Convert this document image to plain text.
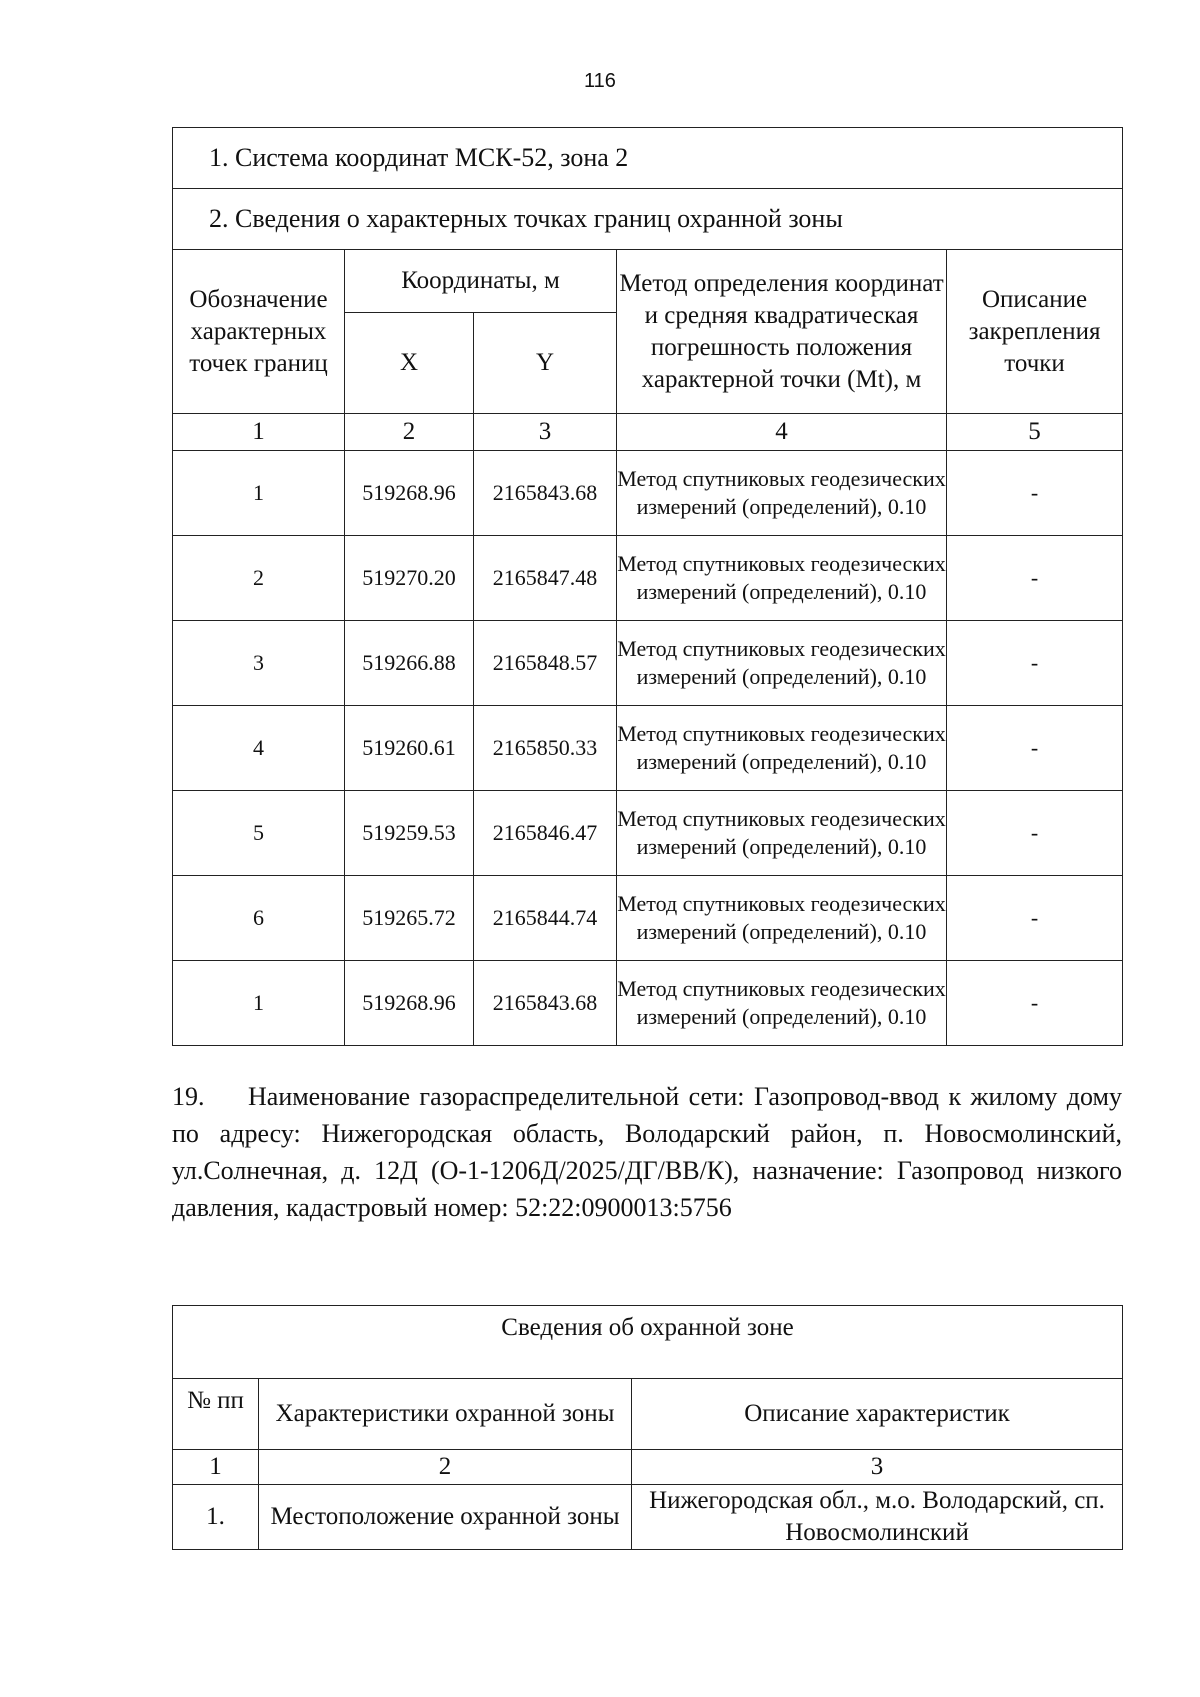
116
1. Система координат МСК-52, зона 2				
2. Сведения о характерных точках границ охранной зоны				
Обозначение характерных точек границ	Координаты, м		Метод определения координат и средняя квадратическая погрешность положения характерной точки (Mt), м	Описание закрепления точки
	X	Y		
1	2	3	4	5
1	519268.96	2165843.68	Метод спутниковых геодезических измерений (определений), 0.10	-
2	519270.20	2165847.48	Метод спутниковых геодезических измерений (определений), 0.10	-
3	519266.88	2165848.57	Метод спутниковых геодезических измерений (определений), 0.10	-
4	519260.61	2165850.33	Метод спутниковых геодезических измерений (определений), 0.10	-
5	519259.53	2165846.47	Метод спутниковых геодезических измерений (определений), 0.10	-
6	519265.72	2165844.74	Метод спутниковых геодезических измерений (определений), 0.10	-
1	519268.96	2165843.68	Метод спутниковых геодезических измерений (определений), 0.10	-
19. Наименование газораспределительной сети: Газопровод-ввод к жилому дому по адресу: Нижегородская область, Володарский район, п. Новосмолинский, ул.Солнечная, д. 12Д (О-1-1206Д/2025/ДГ/ВВ/К), назначение: Газопровод низкого давления, кадастровый номер: 52:22:0900013:5756
Сведения об охранной зоне		
№ пп	Характеристики охранной зоны	Описание характеристик
1	2	3
1.	Местоположение охранной зоны	Нижегородская обл., м.о. Володарский, сп. Новосмолинский
